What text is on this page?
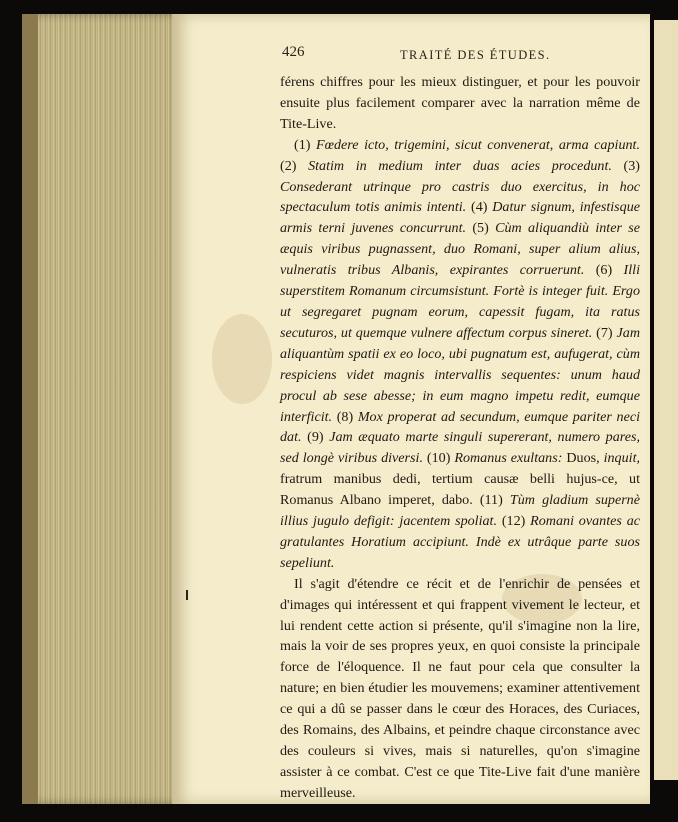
426	TRAITÉ DES ÉTUDES.

férens chiffres pour les mieux distinguer, et pour les pouvoir ensuite plus facilement comparer avec la narration même de Tite-Live.

(1) Fœdere icto, trigemini, sicut convenerat, arma capiunt. (2) Statim in medium inter duas acies procedunt. (3) Consederant utrinque pro castris duo exercitus, in hoc spectaculum totis animis intenti. (4) Datur signum, infestisque armis terni juvenes concurrunt. (5) Cùm aliquandiù inter se æquis viribus pugnassent, duo Romani, super alium alius, vulneratis tribus Albanis, expirantes corruerunt. (6) Illi superstitem Romanum circumsistunt. Fortè is integer fuit. Ergo ut segregaret pugnam eorum, capessit fugam, ita ratus secuturos, ut quemque vulnere affectum corpus sineret. (7) Jam aliquantùm spatii ex eo loco, ubi pugnatum est, aufugerat, cùm respiciens videt magnis intervallis sequentes: unum haud procul ab sese abesse; in eum magno impetu redit, eumque interficit. (8) Mox properat ad secundum, eumque pariter neci dat. (9) Jam æquato marte singuli supererant, numero pares, sed longè viribus diversi. (10) Romanus exultans: Duos, inquit, fratrum manibus dedi, tertium causæ belli hujus-ce, ut Romanus Albano imperet, dabo. (11) Tùm gladium supernè illius jugulo defigit: jacentem spoliat. (12) Romani ovantes ac gratulantes Horatium accipiunt. Indè ex utrâque parte suos sepeliunt.

Il s'agit d'étendre ce récit et de l'enrichir de pensées et d'images qui intéressent et qui frappent vivement le lecteur, et lui rendent cette action si présente, qu'il s'imagine non la lire, mais la voir de ses propres yeux, en quoi consiste la principale force de l'éloquence. Il ne faut pour cela que consulter la nature; en bien étudier les mouvemens; examiner attentivement ce qui a dû se passer dans le cœur des Horaces, des Curiaces, des Romains, des Albains, et peindre chaque circonstance avec des couleurs si vives, mais si naturelles, qu'on s'imagine assister à ce combat. C'est ce que Tite-Live fait d'une manière merveilleuse.
